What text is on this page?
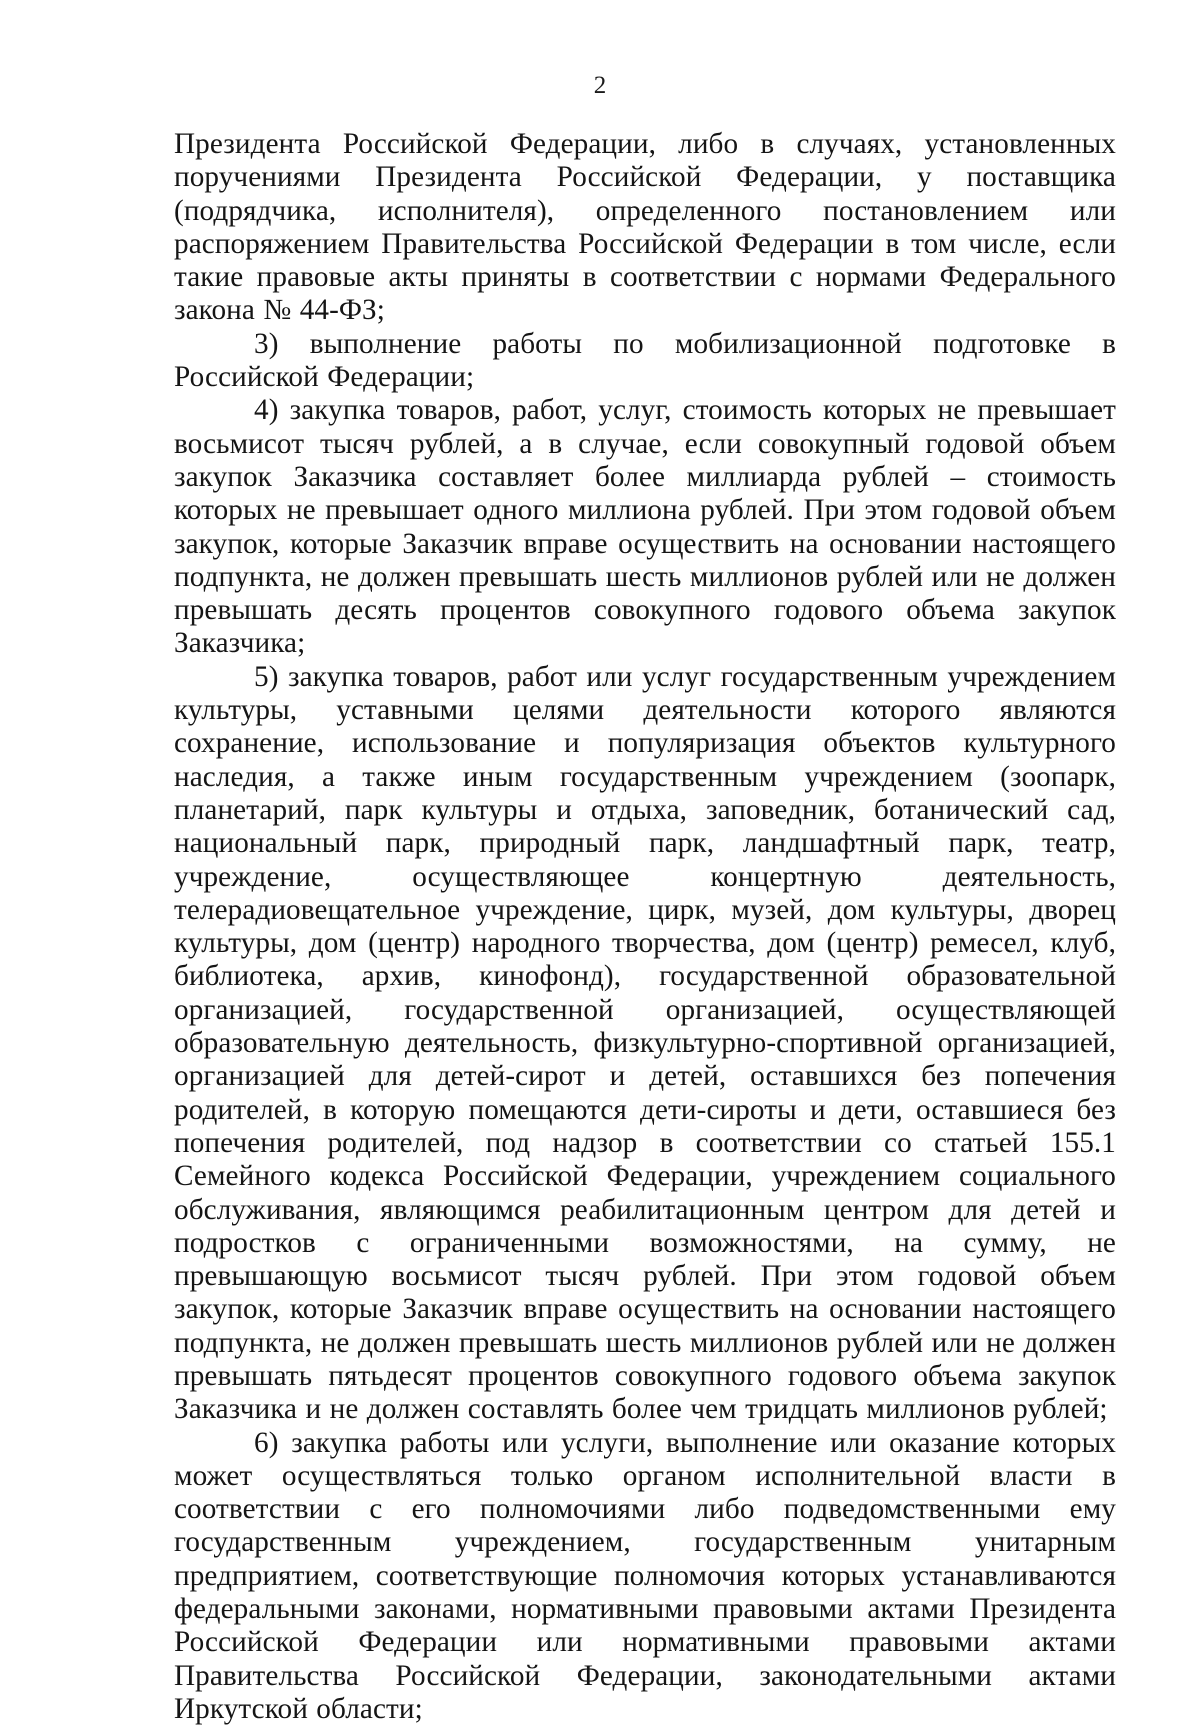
2

Президента Российской Федерации, либо в случаях, установленных поручениями Президента Российской Федерации, у поставщика (подрядчика, исполнителя), определенного постановлением или распоряжением Правительства Российской Федерации в том числе, если такие правовые акты приняты в соответствии с нормами Федерального закона № 44-ФЗ;

3) выполнение работы по мобилизационной подготовке в Российской Федерации;

4) закупка товаров, работ, услуг, стоимость которых не превышает восьмисот тысяч рублей, а в случае, если совокупный годовой объем закупок Заказчика составляет более миллиарда рублей – стоимость которых не превышает одного миллиона рублей. При этом годовой объем закупок, которые Заказчик вправе осуществить на основании настоящего подпункта, не должен превышать шесть миллионов рублей или не должен превышать десять процентов совокупного годового объема закупок Заказчика;

5) закупка товаров, работ или услуг государственным учреждением культуры, уставными целями деятельности которого являются сохранение, использование и популяризация объектов культурного наследия, а также иным государственным учреждением (зоопарк, планетарий, парк культуры и отдыха, заповедник, ботанический сад, национальный парк, природный парк, ландшафтный парк, театр, учреждение, осуществляющее концертную деятельность, телерадиовещательное учреждение, цирк, музей, дом культуры, дворец культуры, дом (центр) народного творчества, дом (центр) ремесел, клуб, библиотека, архив, кинофонд), государственной образовательной организацией, государственной организацией, осуществляющей образовательную деятельность, физкультурно-спортивной организацией, организацией для детей-сирот и детей, оставшихся без попечения родителей, в которую помещаются дети-сироты и дети, оставшиеся без попечения родителей, под надзор в соответствии со статьей 155.1 Семейного кодекса Российской Федерации, учреждением социального обслуживания, являющимся реабилитационным центром для детей и подростков с ограниченными возможностями, на сумму, не превышающую восьмисот тысяч рублей. При этом годовой объем закупок, которые Заказчик вправе осуществить на основании настоящего подпункта, не должен превышать шесть миллионов рублей или не должен превышать пятьдесят процентов совокупного годового объема закупок Заказчика и не должен составлять более чем тридцать миллионов рублей;

6) закупка работы или услуги, выполнение или оказание которых может осуществляться только органом исполнительной власти в соответствии с его полномочиями либо подведомственными ему государственным учреждением, государственным унитарным предприятием, соответствующие полномочия которых устанавливаются федеральными законами, нормативными правовыми актами Президента Российской Федерации или нормативными правовыми актами Правительства Российской Федерации, законодательными актами Иркутской области;
